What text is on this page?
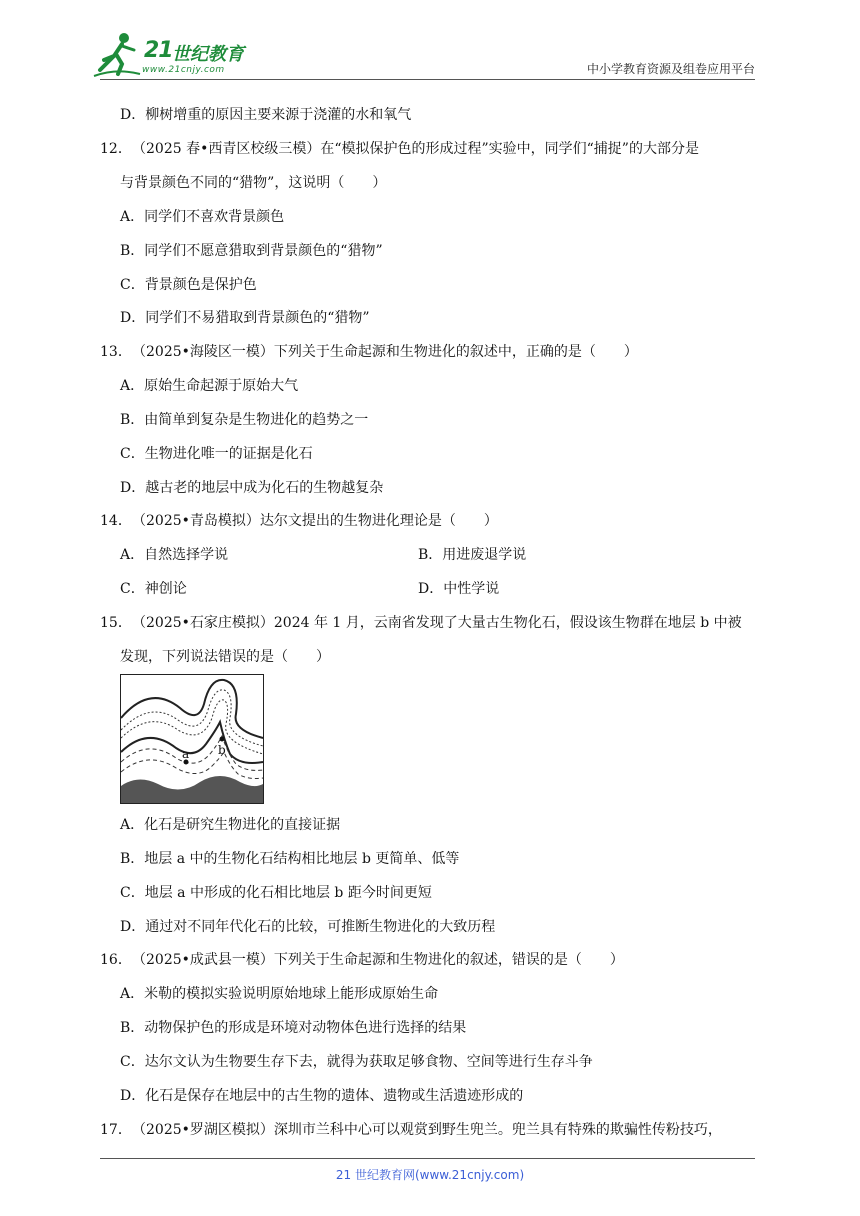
21 世纪教育
www.21cnjy.com	中小学教育资源及组卷应用平台
D．柳树增重的原因主要来源于浇灌的水和氧气
12． （2025 春•西青区校级三模）在“模拟保护色的形成过程”实验中，同学们“捕捉”的大部分是
与背景颜色不同的“猎物”，这说明（　　）
A．同学们不喜欢背景颜色
B．同学们不愿意猎取到背景颜色的“猎物”
C．背景颜色是保护色
D．同学们不易猎取到背景颜色的“猎物”
13． （2025•海陵区一模）下列关于生命起源和生物进化的叙述中，正确的是（　　）
A．原始生命起源于原始大气
B．由简单到复杂是生物进化的趋势之一
C．生物进化唯一的证据是化石
D．越古老的地层中成为化石的生物越复杂
14． （2025•青岛模拟）达尔文提出的生物进化理论是（　　）
A．自然选择学说	B．用进废退学说
C．神创论	D．中性学说
15． （2025•石家庄模拟）2024 年 1 月，云南省发现了大量古生物化石，假设该生物群在地层 b 中被
发现，下列说法错误的是（　　）
a b
A．化石是研究生物进化的直接证据
B．地层 a 中的生物化石结构相比地层 b 更简单、低等
C．地层 a 中形成的化石相比地层 b 距今时间更短
D．通过对不同年代化石的比较，可推断生物进化的大致历程
16． （2025•成武县一模）下列关于生命起源和生物进化的叙述，错误的是（　　）
A．米勒的模拟实验说明原始地球上能形成原始生命
B．动物保护色的形成是环境对动物体色进行选择的结果
C．达尔文认为生物要生存下去，就得为获取足够食物、空间等进行生存斗争
D．化石是保存在地层中的古生物的遗体、遗物或生活遗迹形成的
17． （2025•罗湖区模拟）深圳市兰科中心可以观赏到野生兜兰。兜兰具有特殊的欺骗性传粉技巧，
21 世纪教育网(www.21cnjy.com)
